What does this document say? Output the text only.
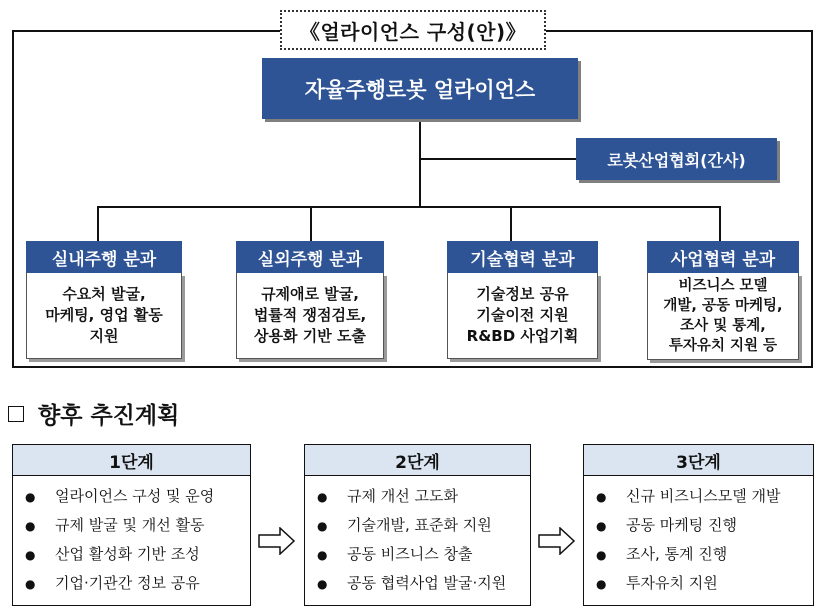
《얼라이언스 구성(안)》
자율주행로봇 얼라이언스
로봇산업협회(간사)
실내주행 분과
수요처 발굴,
마케팅, 영업 활동
지원
실외주행 분과
규제애로 발굴,
법률적 쟁점검토,
상용화 기반 도출
기술협력 분과
기술정보 공유
기술이전 지원
R&BD 사업기획
사업협력 분과
비즈니스 모델
개발, 공동 마케팅,
조사 및 통계,
투자유치 지원 등
향후 추진계획
1단계
● 얼라이언스 구성 및 운영
● 규제 발굴 및 개선 활동
● 산업 활성화 기반 조성
● 기업·기관간 정보 공유
2단계
● 규제 개선 고도화
● 기술개발, 표준화 지원
● 공동 비즈니스 창출
● 공동 협력사업 발굴·지원
3단계
● 신규 비즈니스모델 개발
● 공동 마케팅 진행
● 조사, 통계 진행
● 투자유치 지원
